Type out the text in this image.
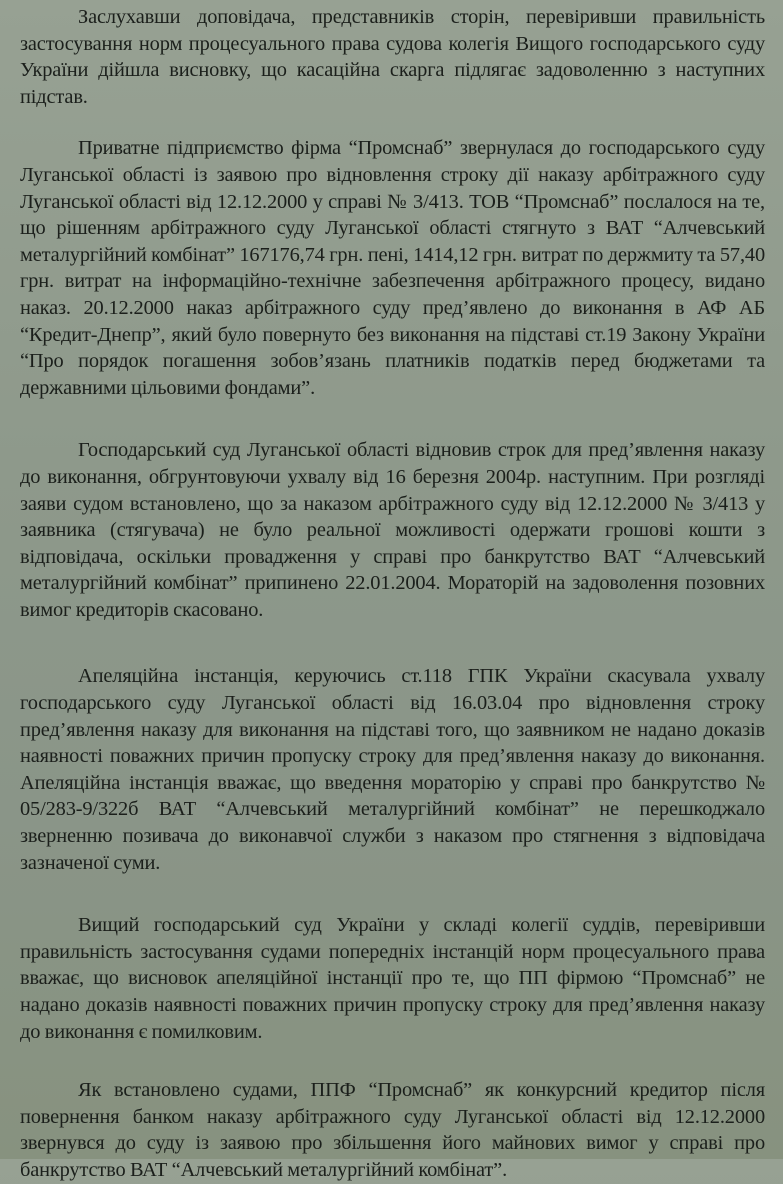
Заслухавши доповідача, представників сторін, перевіривши правильність застосування норм процесуального права судова колегія Вищого господарського суду України дійшла висновку, що касаційна скарга підлягає задоволенню з наступних підстав.

Приватне підприємство фірма “Промснаб” звернулася до господарського суду Луганської області із заявою про відновлення строку дії наказу арбітражного суду Луганської області від 12.12.2000 у справі № 3/413. ТОВ “Промснаб” послалося на те, що рішенням арбітражного суду Луганської області стягнуто з ВАТ “Алчевський металургійний комбінат” 167176,74 грн. пені, 1414,12 грн. витрат по держмиту та 57,40 грн. витрат на інформаційно-технічне забезпечення арбітражного процесу, видано наказ. 20.12.2000 наказ арбітражного суду пред’явлено до виконання в АФ АБ “Кредит-Днепр”, який було повернуто без виконання на підставі ст.19 Закону України “Про порядок погашення зобов’язань платників податків перед бюджетами та державними цільовими фондами”.

Господарський суд Луганської області відновив строк для пред’явлення наказу до виконання, обгрунтовуючи ухвалу від 16 березня 2004р. наступним. При розгляді заяви судом встановлено, що за наказом арбітражного суду від 12.12.2000 № 3/413 у заявника (стягувача) не було реальної можливості одержати грошові кошти з відповідача, оскільки провадження у справі про банкрутство ВАТ “Алчевський металургійний комбінат” припинено 22.01.2004. Мораторій на задоволення позовних вимог кредиторів скасовано.

Апеляційна інстанція, керуючись ст.118 ГПК України скасувала ухвалу господарського суду Луганської області від 16.03.04 про відновлення строку пред’явлення наказу для виконання на підставі того, що заявником не надано доказів наявності поважних причин пропуску строку для пред’явлення наказу до виконання. Апеляційна інстанція вважає, що введення мораторію у справі про банкрутство № 05/283-9/322б ВАТ “Алчевський металургійний комбінат” не перешкоджало зверненню позивача до виконавчої служби з наказом про стягнення з відповідача зазначеної суми.

Вищий господарський суд України у складі колегії суддів, перевіривши правильність застосування судами попередніх інстанцій норм процесуального права вважає, що висновок апеляційної інстанції про те, що ПП фірмою “Промснаб” не надано доказів наявності поважних причин пропуску строку для пред’явлення наказу до виконання є помилковим.

Як встановлено судами, ППФ “Промснаб” як конкурсний кредитор після повернення банком наказу арбітражного суду Луганської області від 12.12.2000 звернувся до суду із заявою про збільшення його майнових вимог у справі про банкрутство ВАТ “Алчевський металургійний комбінат”.
